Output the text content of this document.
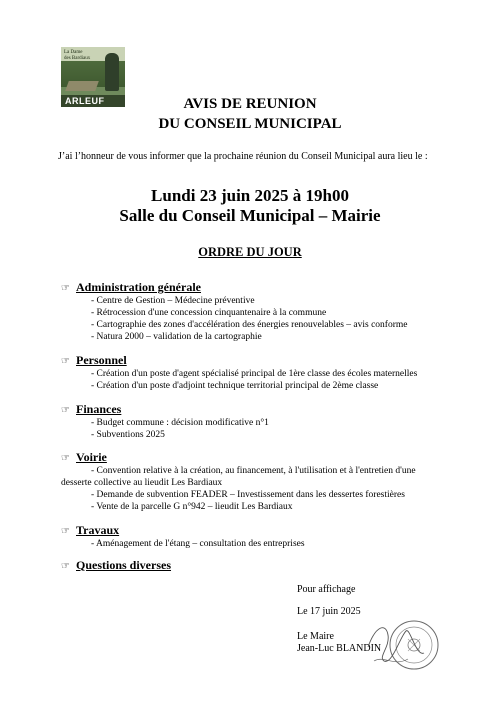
La Dame
des Bardiaux
ARLEUF	AVIS DE REUNION
DU CONSEIL MUNICIPAL
J’ai l’honneur de vous informer que la prochaine réunion du Conseil Municipal aura lieu le :
Lundi 23 juin 2025 à 19h00
Salle du Conseil Municipal – Mairie
ORDRE DU JOUR
☞ Administration générale
- Centre de Gestion – Médecine préventive
- Rétrocession d'une concession cinquantenaire à la commune
- Cartographie des zones d'accélération des énergies renouvelables – avis conforme
- Natura 2000 – validation de la cartographie
☞ Personnel
- Création d'un poste d'agent spécialisé principal de 1ère classe des écoles maternelles
- Création d'un poste d'adjoint technique territorial principal de 2ème classe
☞ Finances
- Budget commune : décision modificative n°1
- Subventions 2025
☞ Voirie
- Convention relative à la création, au financement, à l'utilisation et à l'entretien d'une
desserte collective au lieudit Les Bardiaux
- Demande de subvention FEADER – Investissement dans les dessertes forestières
- Vente de la parcelle G n°942 – lieudit Les Bardiaux
☞ Travaux
- Aménagement de l'étang – consultation des entreprises
☞ Questions diverses
Pour affichage
Le 17 juin 2025
Le Maire
Jean-Luc BLANDIN
